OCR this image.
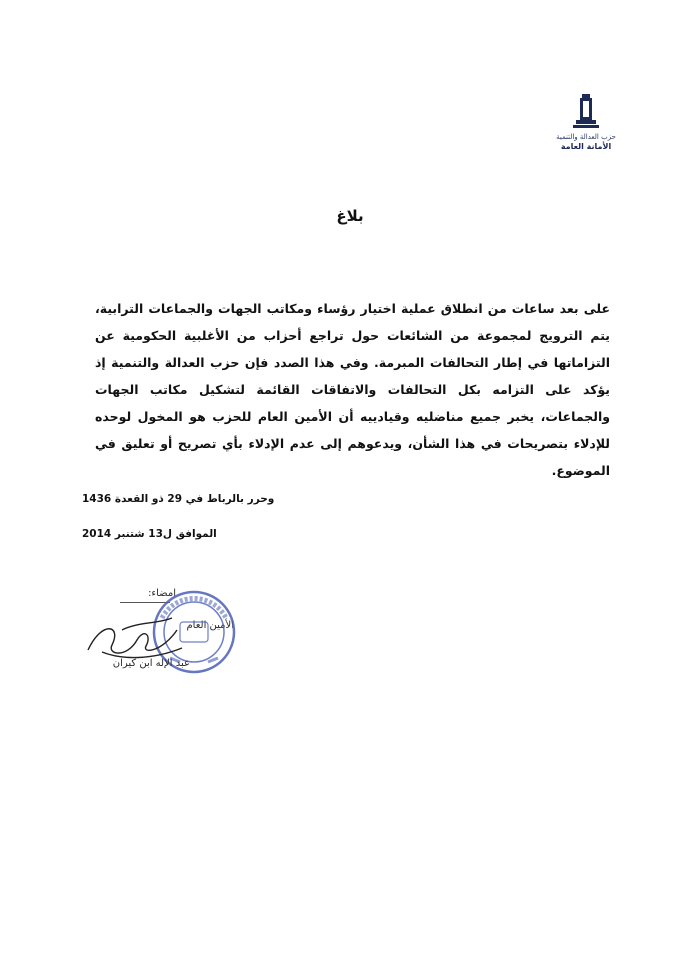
حزب العدالة والتنمية
الأمانة العامة
بلاغ

على بعد ساعات من انطلاق عملية اختيار رؤساء ومكاتب الجهات والجماعات الترابية، يتم الترويج لمجموعة من الشائعات حول تراجع أحزاب من الأغلبية الحكومية عن التزاماتها في إطار التحالفات المبرمة. وفي هذا الصدد فإن حزب العدالة والتنمية إذ يؤكد على التزامه بكل التحالفات والاتفاقات القائمة لتشكيل مكاتب الجهات والجماعات، يخبر جميع مناضليه وقيادييه أن الأمين العام للحزب هو المخول لوحده للإدلاء بتصريحات في هذا الشأن، ويدعوهم إلى عدم الإدلاء بأي تصريح أو تعليق في الموضوع.

وحرر بالرباط في 29 ذو القعدة 1436
الموافق ل13 شتنبر 2014
امضاء:
الأمين العام
عبد الإله ابن كيران
